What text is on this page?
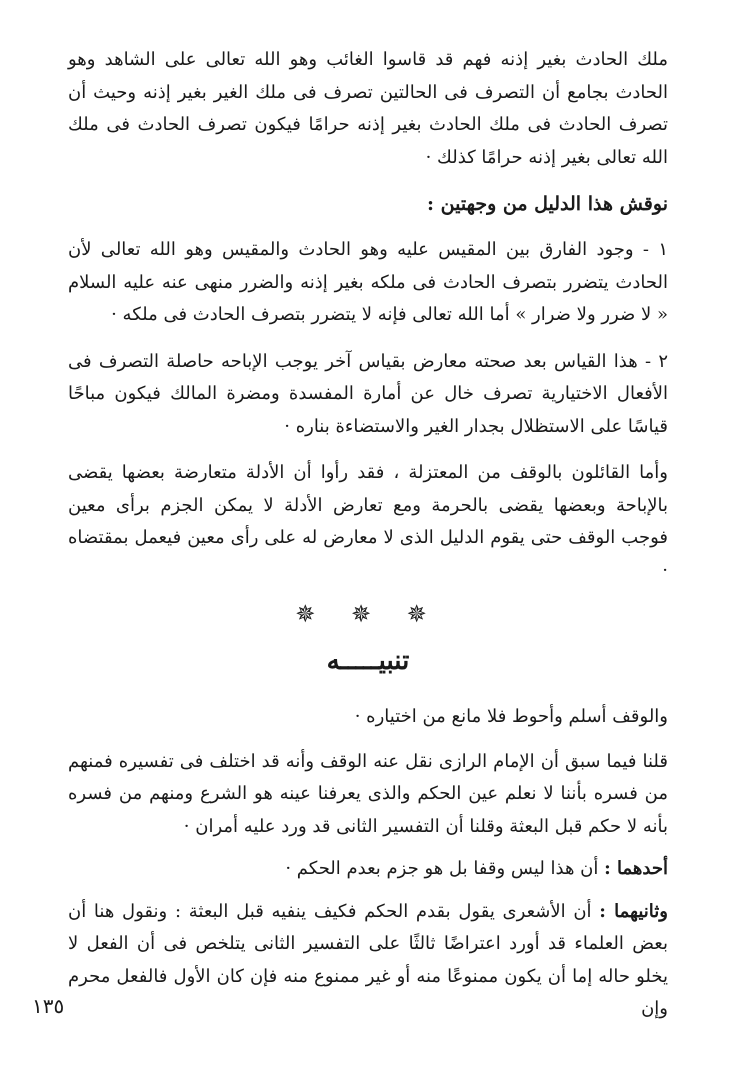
ملك الحادث بغير إذنه فهم قد قاسوا الغائب وهو الله تعالى على الشاهد وهو الحادث بجامع أن التصرف فى الحالتين تصرف فى ملك الغير بغير إذنه وحيث أن تصرف الحادث فى ملك الحادث بغير إذنه حرامًا فيكون تصرف الحادث فى ملك الله تعالى بغير إذنه حرامًا كذلك ·

نوقش هذا الدليل من وجهتين :

١ - وجود الفارق بين المقيس عليه وهو الحادث والمقيس وهو الله تعالى لأن الحادث يتضرر بتصرف الحادث فى ملكه بغير إذنه والضرر منهى عنه عليه السلام « لا ضرر ولا ضرار » أما الله تعالى فإنه لا يتضرر بتصرف الحادث فى ملكه ·

٢ - هذا القياس بعد صحته معارض بقياس آخر يوجب الإباحه حاصلة التصرف فى الأفعال الاختيارية تصرف خال عن أمارة المفسدة ومضرة المالك فيكون مباحًا قياسًا على الاستظلال بجدار الغير والاستضاءة بناره ·

وأما القائلون بالوقف من المعتزلة ، فقد رأوا أن الأدلة متعارضة بعضها يقضى بالإباحة وبعضها يقضى بالحرمة ومع تعارض الأدلة لا يمكن الجزم برأى معين فوجب الوقف حتى يقوم الدليل الذى لا معارض له على رأى معين فيعمل بمقتضاه ·

✵ ✵ ✵
تنبيـــــه

والوقف أسلم وأحوط فلا مانع من اختياره ·

قلنا فيما سبق أن الإمام الرازى نقل عنه الوقف وأنه قد اختلف فى تفسيره فمنهم من فسره بأننا لا نعلم عين الحكم والذى يعرفنا عينه هو الشرع ومنهم من فسره بأنه لا حكم قبل البعثة وقلنا أن التفسير الثانى قد ورد عليه أمران ·

أحدهما : أن هذا ليس وقفا بل هو جزم بعدم الحكم ·

وثانيهما : أن الأشعرى يقول بقدم الحكم فكيف ينفيه قبل البعثة : ونقول هنا أن بعض العلماء قد أورد اعتراضًا ثالثًا على التفسير الثانى يتلخص فى أن الفعل لا يخلو حاله إما أن يكون ممنوعًا منه أو غير ممنوع منه فإن كان الأول فالفعل محرم وإن

١٣٥
